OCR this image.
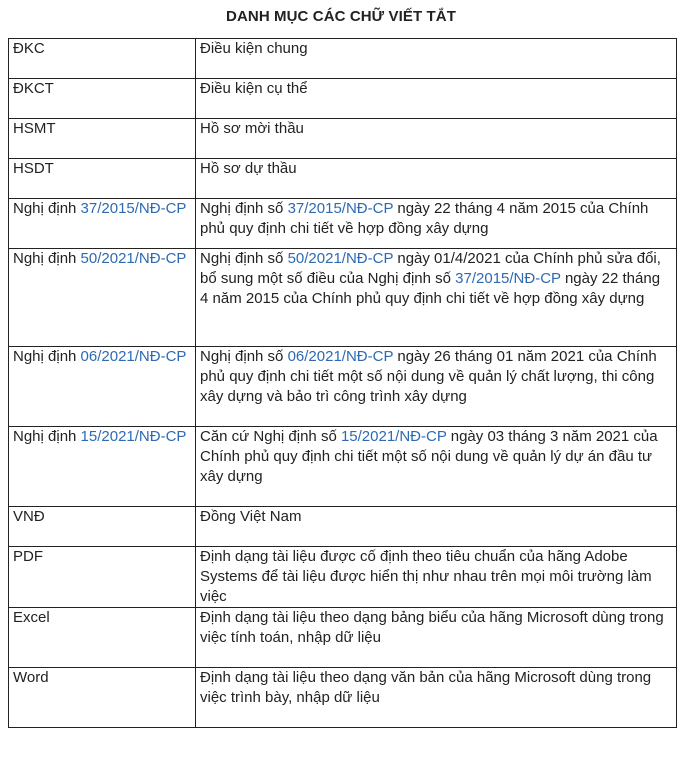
DANH MỤC CÁC CHỮ VIẾT TẮT
ĐKC	Điều kiện chung
ĐKCT	Điều kiện cụ thể
HSMT	Hồ sơ mời thầu
HSDT	Hồ sơ dự thầu
Nghị định 37/2015/NĐ-CP	Nghị định số 37/2015/NĐ-CP ngày 22 tháng 4 năm 2015 của Chính phủ quy định chi tiết về hợp đồng xây dựng
Nghị định 50/2021/NĐ-CP	Nghị định số 50/2021/NĐ-CP ngày 01/4/2021 của Chính phủ sửa đổi, bổ sung một số điều của Nghị định số 37/2015/NĐ-CP ngày 22 tháng 4 năm 2015 của Chính phủ quy định chi tiết về hợp đồng xây dựng
Nghị định 06/2021/NĐ-CP	Nghị định số 06/2021/NĐ-CP ngày 26 tháng 01 năm 2021 của Chính phủ quy định chi tiết một số nội dung về quản lý chất lượng, thi công xây dựng và bảo trì công trình xây dựng
Nghị định 15/2021/NĐ-CP	Căn cứ Nghị định số 15/2021/NĐ-CP ngày 03 tháng 3 năm 2021 của Chính phủ quy định chi tiết một số nội dung về quản lý dự án đầu tư xây dựng
VNĐ	Đồng Việt Nam
PDF	Định dạng tài liệu được cố định theo tiêu chuẩn của hãng Adobe Systems để tài liệu được hiển thị như nhau trên mọi môi trường làm việc
Excel	Định dạng tài liệu theo dạng bảng biểu của hãng Microsoft dùng trong việc tính toán, nhập dữ liệu
Word	Định dạng tài liệu theo dạng văn bản của hãng Microsoft dùng trong việc trình bày, nhập dữ liệu
